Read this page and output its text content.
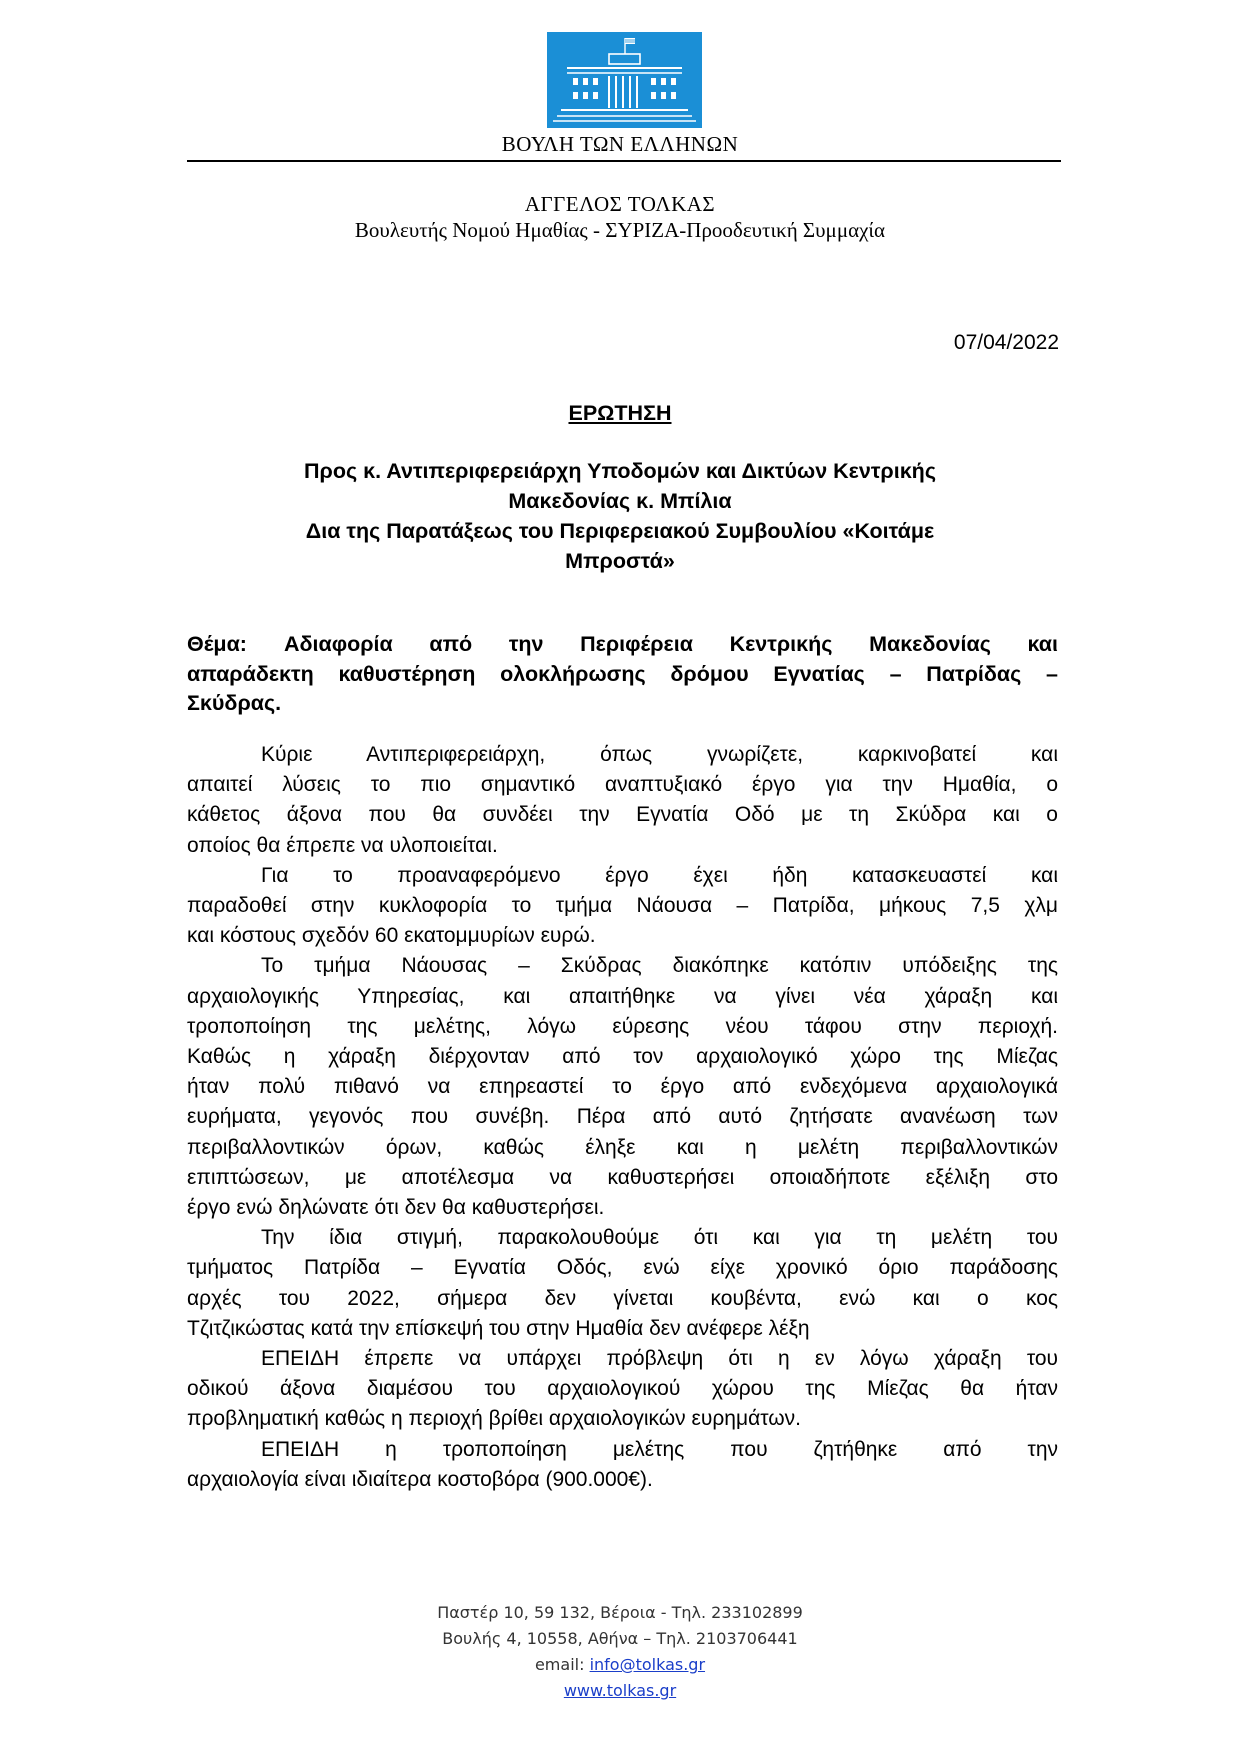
ΒΟΥΛΗ ΤΩΝ ΕΛΛΗΝΩΝ
ΑΓΓΕΛΟΣ ΤΟΛΚΑΣ
Βουλευτής Νομού Ημαθίας - ΣΥΡΙΖΑ-Προοδευτική Συμμαχία
07/04/2022
ΕΡΩΤΗΣΗ
Προς κ. Αντιπεριφερειάρχη Υποδομών και Δικτύων Κεντρικής
Μακεδονίας κ. Μπίλια
Δια της Παρατάξεως του Περιφερειακού Συμβουλίου «Κοιτάμε
Μπροστά»
Θέμα: Αδιαφορία από την Περιφέρεια Κεντρικής Μακεδονίας και
απαράδεκτη καθυστέρηση ολοκλήρωσης δρόμου Εγνατίας – Πατρίδας –
Σκύδρας.
Κύριε Αντιπεριφερειάρχη, όπως γνωρίζετε, καρκινοβατεί και
απαιτεί λύσεις το πιο σημαντικό αναπτυξιακό έργο για την Ημαθία, ο
κάθετος άξονα που θα συνδέει την Εγνατία Οδό με τη Σκύδρα και ο
οποίος θα έπρεπε να υλοποιείται.
Για το προαναφερόμενο έργο έχει ήδη κατασκευαστεί και
παραδοθεί στην κυκλοφορία το τμήμα Νάουσα – Πατρίδα, μήκους 7,5 χλμ
και κόστους σχεδόν 60 εκατομμυρίων ευρώ.
Το τμήμα Νάουσας – Σκύδρας διακόπηκε κατόπιν υπόδειξης της
αρχαιολογικής Υπηρεσίας, και απαιτήθηκε να γίνει νέα χάραξη και
τροποποίηση της μελέτης, λόγω εύρεσης νέου τάφου στην περιοχή.
Καθώς η χάραξη διέρχονταν από τον αρχαιολογικό χώρο της Μίεζας
ήταν πολύ πιθανό να επηρεαστεί το έργο από ενδεχόμενα αρχαιολογικά
ευρήματα, γεγονός που συνέβη. Πέρα από αυτό ζητήσατε ανανέωση των
περιβαλλοντικών όρων, καθώς έληξε και η μελέτη περιβαλλοντικών
επιπτώσεων, με αποτέλεσμα να καθυστερήσει οποιαδήποτε εξέλιξη στο
έργο ενώ δηλώνατε ότι δεν θα καθυστερήσει.
Την ίδια στιγμή, παρακολουθούμε ότι και για τη μελέτη του
τμήματος Πατρίδα – Εγνατία Οδός, ενώ είχε χρονικό όριο παράδοσης
αρχές του 2022, σήμερα δεν γίνεται κουβέντα, ενώ και ο κος
Τζιτζικώστας κατά την επίσκεψή του στην Ημαθία δεν ανέφερε λέξη
ΕΠΕΙΔΗ έπρεπε να υπάρχει πρόβλεψη ότι η εν λόγω χάραξη του
οδικού άξονα διαμέσου του αρχαιολογικού χώρου της Μίεζας θα ήταν
προβληματική καθώς η περιοχή βρίθει αρχαιολογικών ευρημάτων.
ΕΠΕΙΔΗ η τροποποίηση μελέτης που ζητήθηκε από την
αρχαιολογία είναι ιδιαίτερα κοστοβόρα (900.000€).
Παστέρ 10, 59 132, Βέροια - Τηλ. 233102899
Βουλής 4, 10558, Αθήνα – Τηλ. 2103706441
email: info@tolkas.gr
www.tolkas.gr
